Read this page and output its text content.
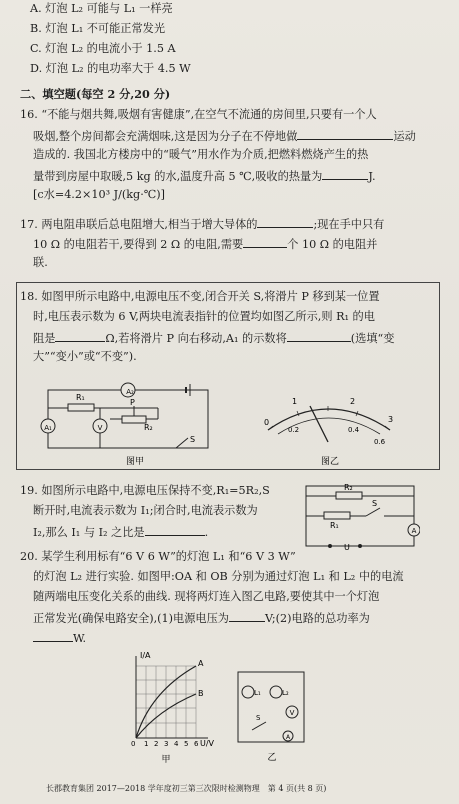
A. 灯泡 L₂ 可能与 L₁ 一样亮
B. 灯泡 L₁ 不可能正常发光
C. 灯泡 L₂ 的电流小于 1.5 A
D. 灯泡 L₂ 的电功率大于 4.5 W
二、填空题(每空 2 分,20 分)
16. “不能与烟共舞,吸烟有害健康”,在空气不流通的房间里,只要有一个人
吸烟,整个房间都会充满烟味,这是因为分子在不停地做	运动
造成的. 我国北方楼房中的“暖气”用水作为介质,把燃料燃烧产生的热
量带到房屋中取暖,5 kg 的水,温度升高 5 ℃,吸收的热量为	J.
[c水=4.2×10³ J/(kg·℃)]
17. 两电阻串联后总电阻增大,相当于增大导体的	;现在手中只有
10 Ω 的电阻若干,要得到 2 Ω 的电阻,需要	个 10 Ω 的电阻并
联.
18. 如图甲所示电路中,电源电压不变,闭合开关 S,将滑片 P 移到某一位置
时,电压表示数为 6 V,两块电流表指针的位置均如图乙所示,则 R₁ 的电
阻是	Ω,若将滑片 P 向右移动,A₁ 的示数将	(选填“变
大”“变小”或“不变”).
A₂
A₁	V
R₁
R₂
P
S
图甲
0
1	2
3
0.2	0.4
0.6
图乙
19. 如图所示电路中,电源电压保持不变,R₁=5R₂,S
断开时,电流表示数为 I₁;闭合时,电流表示数为
I₂,那么 I₁ 与 I₂ 之比是	.
R₂
R₁
S
A
U
20. 某学生利用标有“6 V 6 W”的灯泡 L₁ 和“6 V 3 W”
的灯泡 L₂ 进行实验. 如图甲:OA 和 OB 分别为通过灯泡 L₁ 和 L₂ 中的电流
随两端电压变化关系的曲线. 现将两灯连入图乙电路,要使其中一个灯泡
正常发光(确保电路安全),(1)电源电压为	V;(2)电路的总功率为
W.
I/A
U/V
A
B
0 1 2 3 4 5 6
甲
L₁	L₂
V
S
A
乙
长郡教育集团 2017—2018 学年度初三第三次限时检测物理　第 4 页(共 8 页)
